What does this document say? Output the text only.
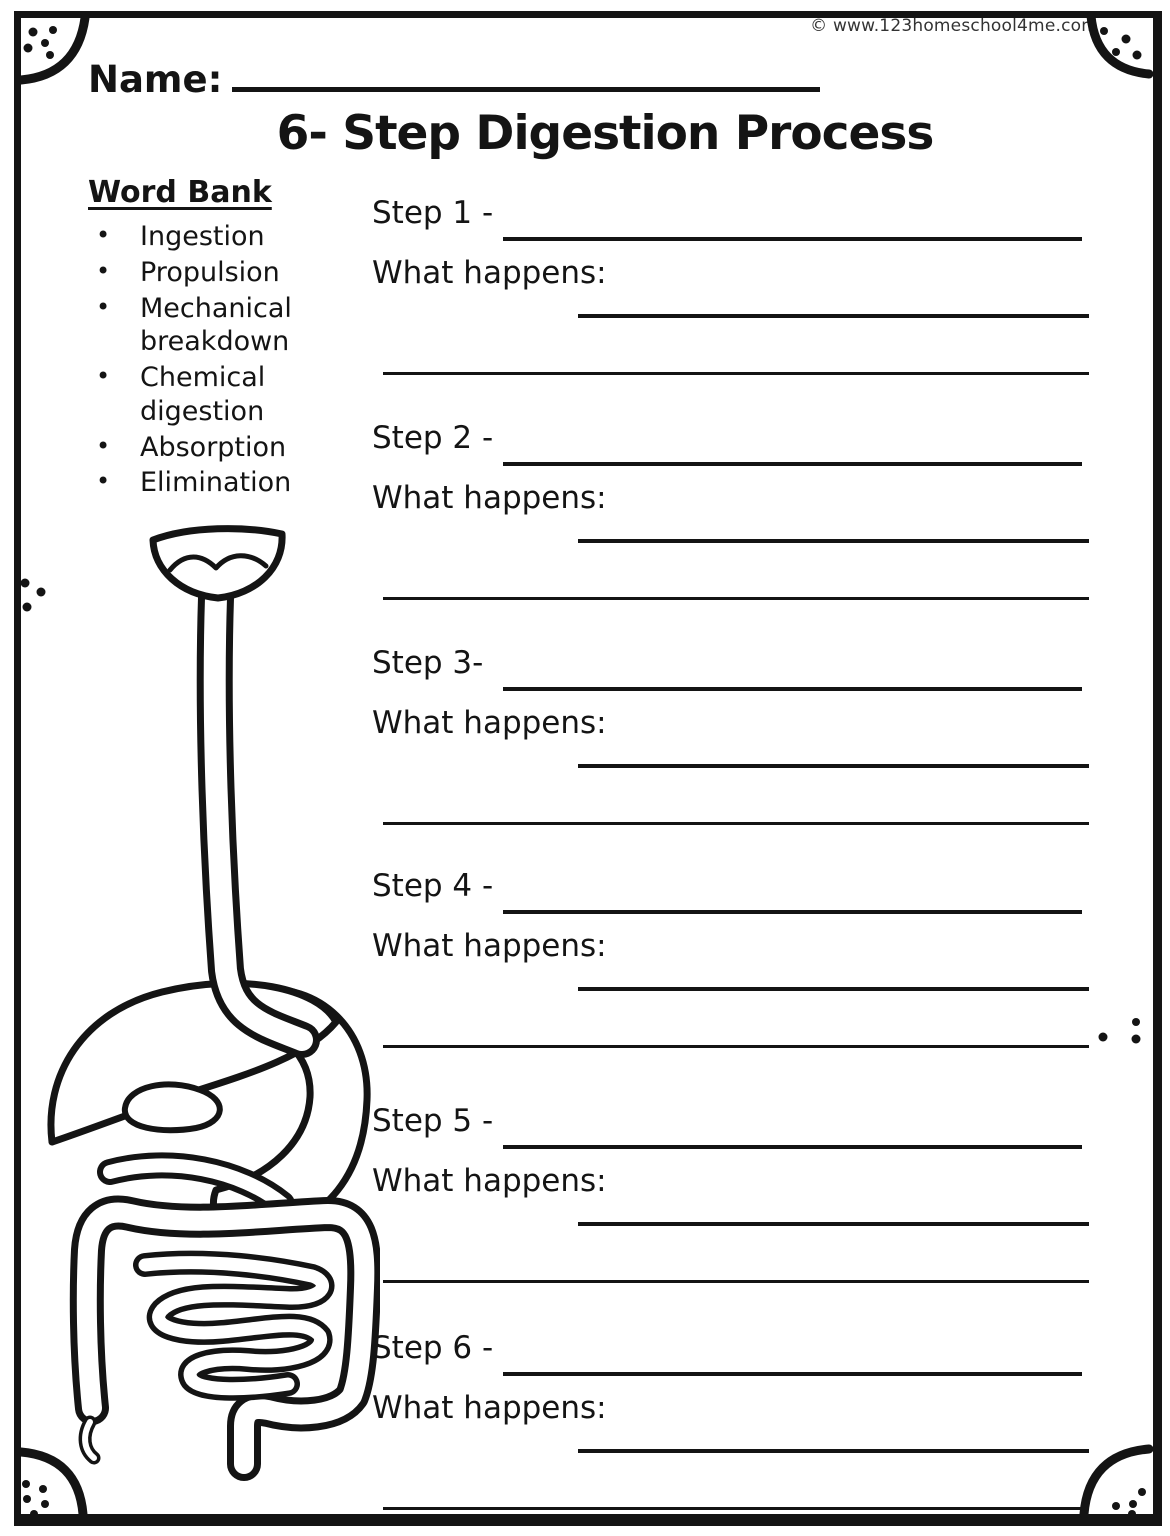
© www.123homeschool4me.com
Name:
6- Step Digestion Process
Word Bank
•	Ingestion
•	Propulsion
•	Mechanical breakdown
•	Chemical digestion
•	Absorption
•	Elimination
Step 1 -
What happens:
Step 2 -
What happens:
Step 3-
What happens:
Step 4 -
What happens:
Step 5 -
What happens:
Step 6 -
What happens:
